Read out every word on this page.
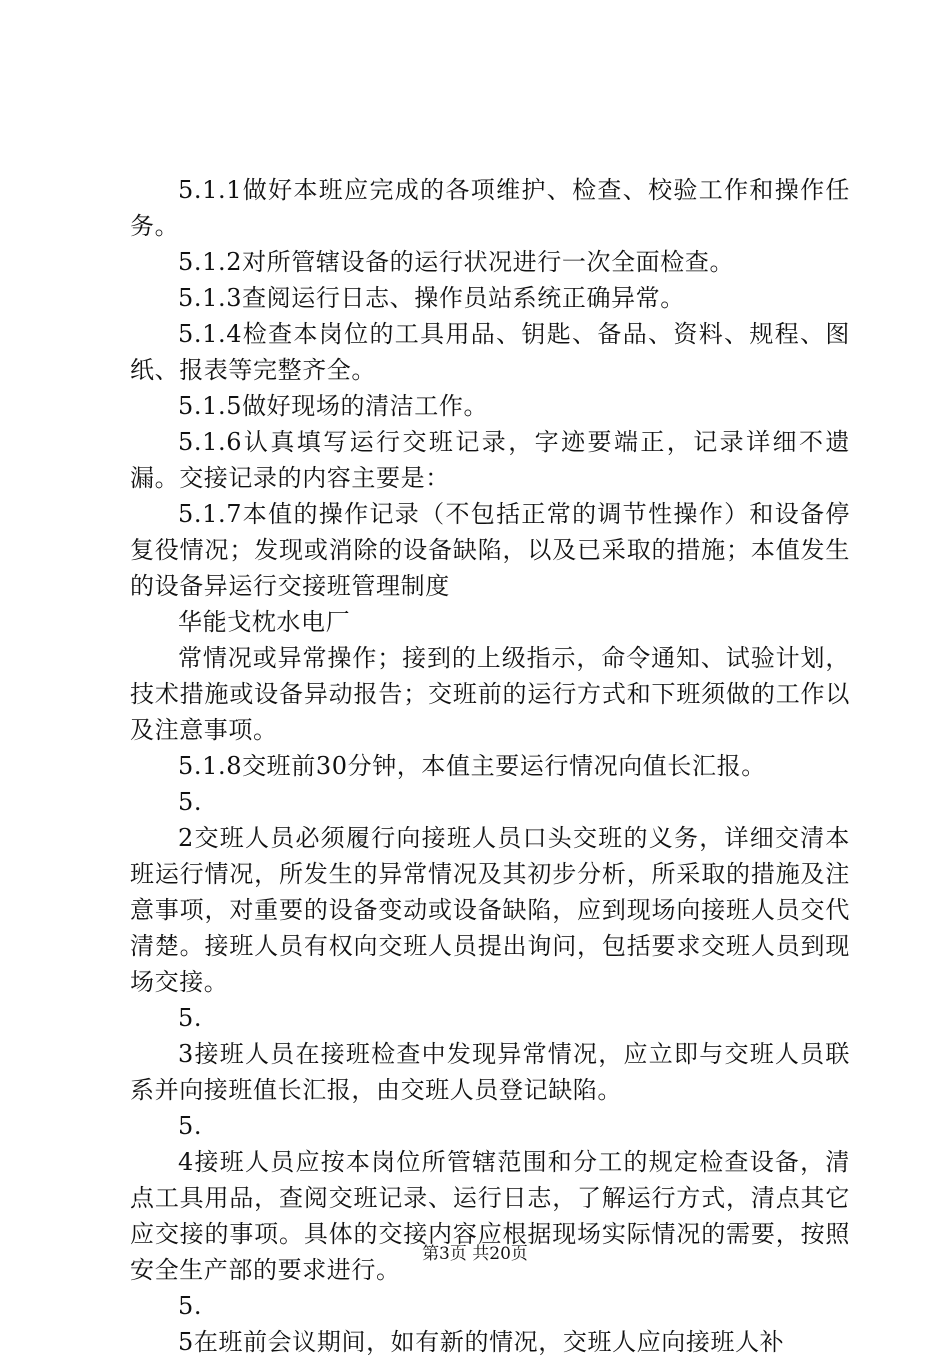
5.1.1做好本班应完成的各项维护、检查、校验工作和操作任务。

5.1.2对所管辖设备的运行状况进行一次全面检查。

5.1.3查阅运行日志、操作员站系统正确异常。

5.1.4检查本岗位的工具用品、钥匙、备品、资料、规程、图纸、报表等完整齐全。

5.1.5做好现场的清洁工作。

5.1.6认真填写运行交班记录，字迹要端正，记录详细不遗漏。交接记录的内容主要是：

5.1.7本值的操作记录（不包括正常的调节性操作）和设备停复役情况；发现或消除的设备缺陷，以及已采取的措施；本值发生的设备异运行交接班管理制度

华能戈枕水电厂

常情况或异常操作；接到的上级指示，命令通知、试验计划，技术措施或设备异动报告；交班前的运行方式和下班须做的工作以及注意事项。

5.1.8交班前30分钟，本值主要运行情况向值长汇报。

5.

2交班人员必须履行向接班人员口头交班的义务，详细交清本班运行情况，所发生的异常情况及其初步分析，所采取的措施及注意事项，对重要的设备变动或设备缺陷，应到现场向接班人员交代清楚。接班人员有权向交班人员提出询问，包括要求交班人员到现场交接。

5.

3接班人员在接班检查中发现异常情况，应立即与交班人员联系并向接班值长汇报，由交班人员登记缺陷。

5.

4接班人员应按本岗位所管辖范围和分工的规定检查设备，清点工具用品，查阅交班记录、运行日志，了解运行方式，清点其它应交接的事项。具体的交接内容应根据现场实际情况的需要，按照安全生产部的要求进行。

5.

5在班前会议期间，如有新的情况，交班人应向接班人补

第3页 共20页
